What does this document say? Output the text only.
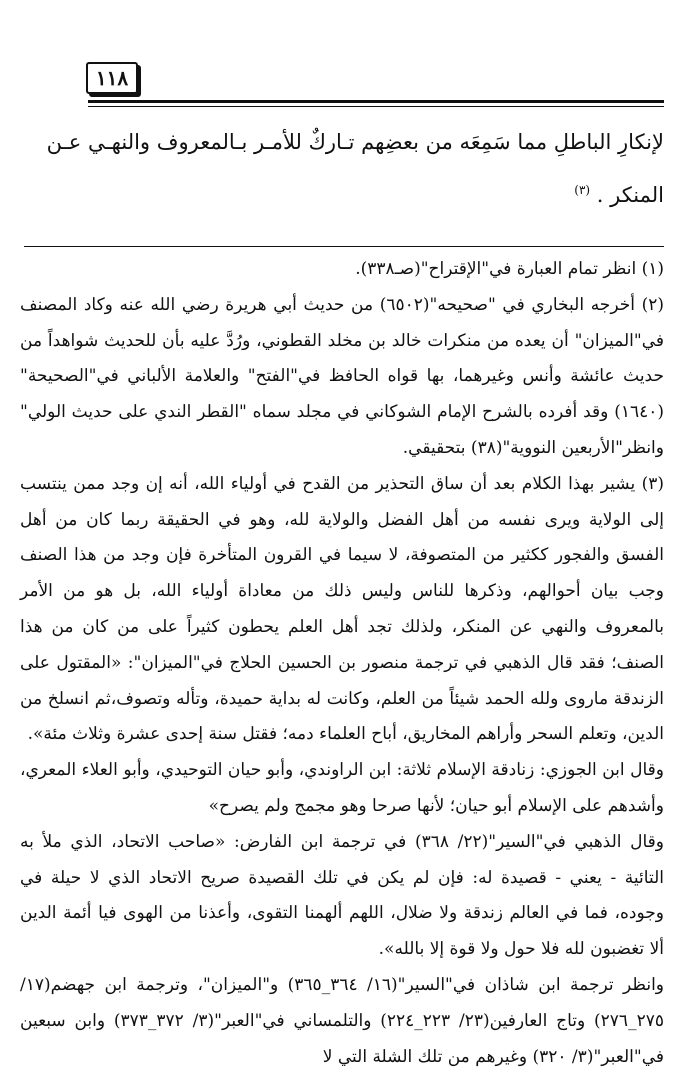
١١٨

لإنكارِ الباطلِ مما سَمِعَه من بعضِهم تـاركٌ للأمـر بـالمعروف والنهـي عـن

المنكر . $^{(٣)}$

(١) انظر تمام العبارة في"الإقتراح"(صـ٣٣٨).

(٢) أخرجه البخاري في "صحيحه"(٦٥٠٢) من حديث أبي هريرة رضي الله عنه وكاد المصنف في"الميزان" أن يعده من منكرات خالد بن مخلد القطوني، ورُدَّ عليه بأن للحديث شواهداً من حديث عائشة وأنس وغيرهما، بها قواه الحافظ في"الفتح" والعلامة الألباني في"الصحيحة"(١٦٤٠) وقد أفرده بالشرح الإمام الشوكاني في مجلد سماه "القطر الندي على حديث الولي" وانظر"الأربعين النووية"(٣٨) بتحقيقي.

(٣) يشير بهذا الكلام بعد أن ساق التحذير من القدح في أولياء الله، أنه إن وجد ممن ينتسب إلى الولاية ويرى نفسه من أهل الفضل والولاية لله، وهو في الحقيقة ربما كان من أهل الفسق والفجور ككثير من المتصوفة، لا سيما في القرون المتأخرة فإن وجد من هذا الصنف وجب بيان أحوالهم، وذكرها للناس وليس ذلك من معاداة أولياء الله، بل هو من الأمر بالمعروف والنهي عن المنكر، ولذلك تجد أهل العلم يحطون كثيراً على من كان من هذا الصنف؛ فقد قال الذهبي في ترجمة منصور بن الحسين الحلاج في"الميزان": «المقتول على الزندقة ماروى ولله الحمد شيئاً من العلم، وكانت له بداية حميدة، وتأله وتصوف،ثم انسلخ من الدين، وتعلم السحر وأراهم المخاريق، أباح العلماء دمه؛ فقتل سنة إحدى عشرة وثلاث مئة».

وقال ابن الجوزي: زنادقة الإسلام ثلاثة: ابن الراوندي، وأبو حيان التوحيدي، وأبو العلاء المعري، وأشدهم على الإسلام أبو حيان؛ لأنها صرحا وهو مجمج ولم يصرح»

وقال الذهبي في"السير"(٢٢/ ٣٦٨) في ترجمة ابن الفارض: «صاحب الاتحاد، الذي ملأ به التائية - يعني - قصيدة له: فإن لم يكن في تلك القصيدة صريح الاتحاد الذي لا حيلة في وجوده، فما في العالم زندقة ولا ضلال، اللهم ألهمنا التقوى، وأعذنا من الهوى فيا أئمة الدين ألا تغضبون لله فلا حول ولا قوة إلا بالله».

وانظر ترجمة ابن شاذان في"السير"(١٦/ ٣٦٤_٣٦٥) و"الميزان"، وترجمة ابن جهضم(١٧/ ٢٧٥_٢٧٦) وتاج العارفين(٢٣/ ٢٢٣_٢٢٤) والتلمساني في"العبر"(٣/ ٣٧٢_٣٧٣) وابن سبعين في"العبر"(٣/ ٣٢٠) وغيرهم من تلك الشلة التي لا
